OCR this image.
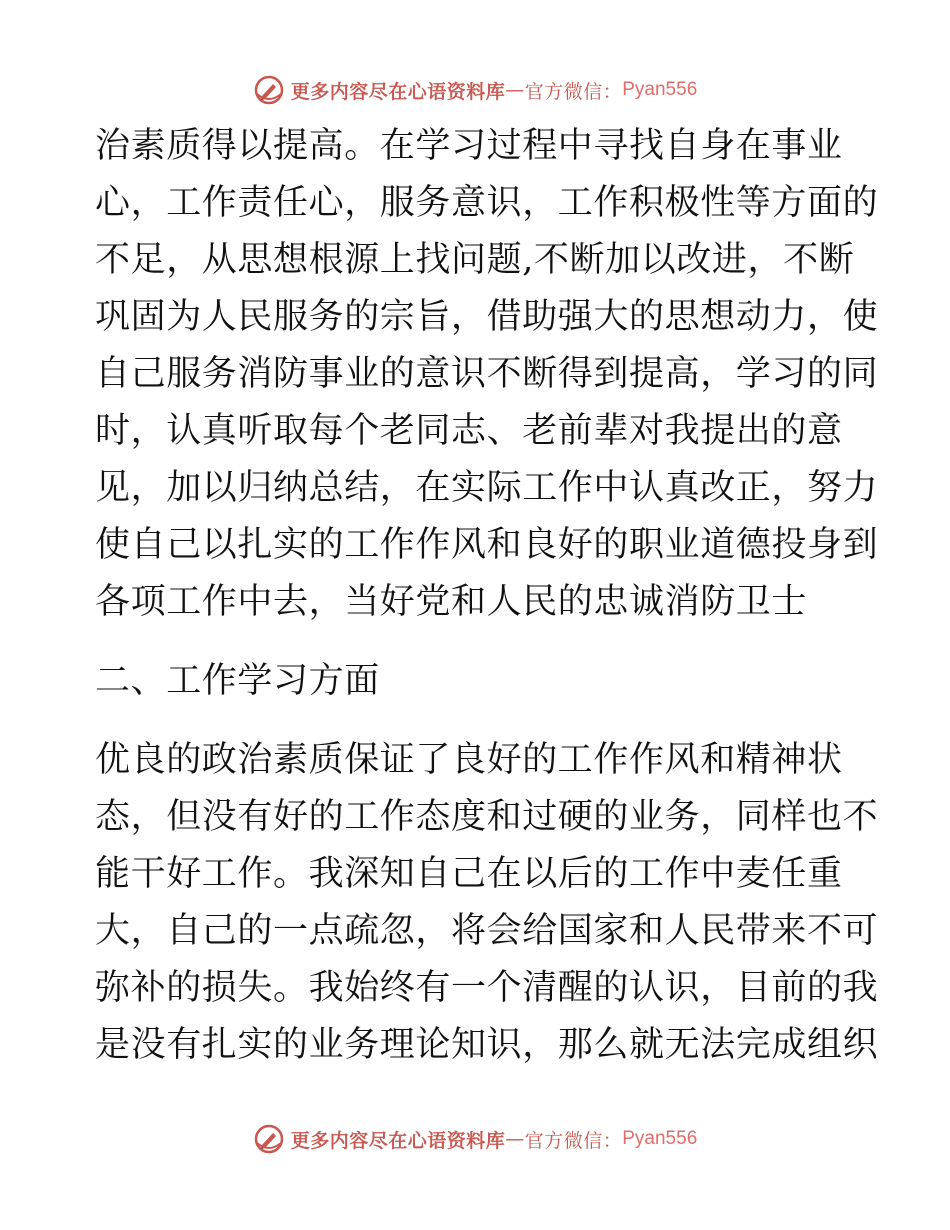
更多内容尽在心语资料库 — 官方微信： Pyan556
治素质得以提高。在学习过程中寻找自身在事业
心，工作责任心，服务意识，工作积极性等方面的
不足，从思想根源上找问题,不断加以改进，不断
巩固为人民服务的宗旨，借助强大的思想动力，使
自己服务消防事业的意识不断得到提高，学习的同
时，认真听取每个老同志、老前辈对我提出的意
见，加以归纳总结，在实际工作中认真改正，努力
使自己以扎实的工作作风和良好的职业道德投身到
各项工作中去，当好党和人民的忠诚消防卫士
二、工作学习方面
优良的政治素质保证了良好的工作作风和精神状
态，但没有好的工作态度和过硬的业务，同样也不
能干好工作。我深知自己在以后的工作中麦任重
大，自己的一点疏忽，将会给国家和人民带来不可
弥补的损失。我始终有一个清醒的认识，目前的我
是没有扎实的业务理论知识，那么就无法完成组织
更多内容尽在心语资料库 — 官方微信： Pyan556
